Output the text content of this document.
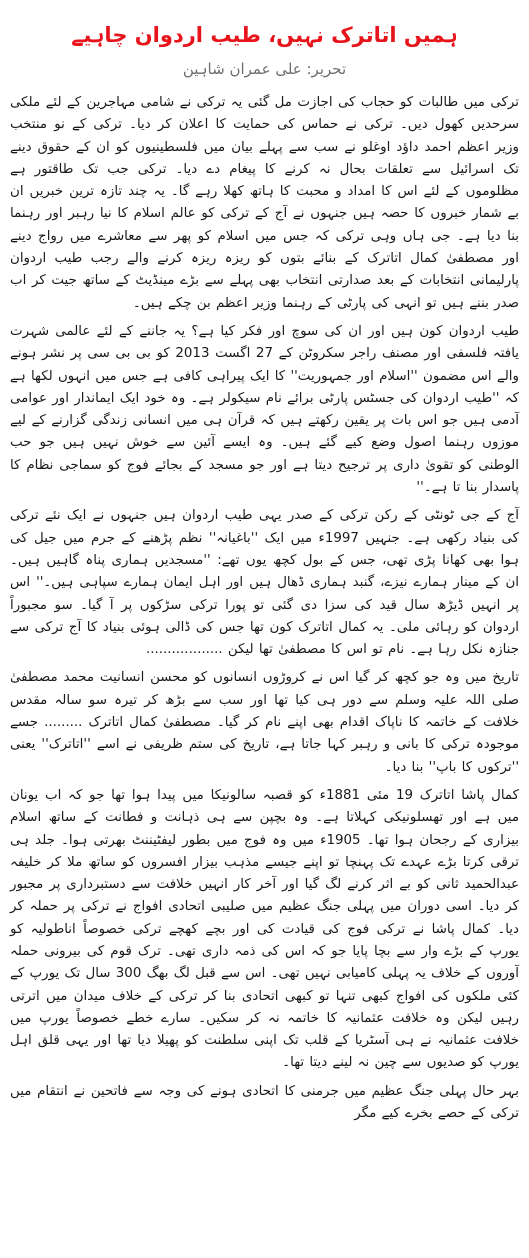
ہمیں اتاترک نہیں، طیب اردوان چاہیے
تحریر: علی عمران شاہین

ترکی میں طالبات کو حجاب کی اجازت مل گئی یہ ترکی نے شامی مہاجرین کے لئے ملکی سرحدیں کھول دیں۔ ترکی نے حماس کی حمایت کا اعلان کر دیا۔ ترکی کے نو منتخب وزیر اعظم احمد داؤد اوغلو نے سب سے پہلے بیان میں فلسطینیوں کو ان کے حقوق دینے تک اسرائیل سے تعلقات بحال نہ کرنے کا پیغام دے دیا۔ ترکی جب تک طاقتور ہے مظلوموں کے لئے اس کا امداد و محبت کا ہاتھ کھلا رہے گا۔ یہ چند تازہ ترین خبریں ان بے شمار خبروں کا حصہ ہیں جنہوں نے آج کے ترکی کو عالم اسلام کا نیا رہبر اور رہنما بنا دیا ہے۔ جی ہاں وہی ترکی کہ جس میں اسلام کو پھر سے معاشرے میں رواج دینے اور مصطفیٰ کمال اتاترک کے بنائے بتوں کو ریزہ ریزہ کرنے والے رجب طیب اردوان پارلیمانی انتخابات کے بعد صدارتی انتخاب بھی پہلے سے بڑے مینڈیٹ کے ساتھ جیت کر اب صدر بننے ہیں تو انہی کی پارٹی کے رہنما وزیر اعظم بن چکے ہیں۔

طیب اردوان کون ہیں اور ان کی سوچ اور فکر کیا ہے؟ یہ جاننے کے لئے عالمی شہرت یافتہ فلسفی اور مصنف راجر سکروٹن کے 27 اگست 2013 کو بی بی سی پر نشر ہونے والے اس مضمون ''اسلام اور جمہوریت'' کا ایک پیراہی کافی ہے جس میں انہوں لکھا ہے کہ ''طیب اردوان کی جسٹس پارٹی برائے نام سیکولر ہے۔ وہ خود ایک ایماندار اور عوامی آدمی ہیں جو اس بات پر یقین رکھتے ہیں کہ قرآن ہی میں انسانی زندگی گزارنے کے لیے موزوں رہنما اصول وضع کیے گئے ہیں۔ وہ ایسے آئین سے خوش نہیں ہیں جو حب الوطنی کو تقویٰ داری پر ترجیح دیتا ہے اور جو مسجد کے بجائے فوج کو سماجی نظام کا پاسدار بنا تا ہے۔''

آج کے جی ٹونٹی کے رکن ترکی کے صدر یہی طیب اردوان ہیں جنہوں نے ایک نئے ترکی کی بنیاد رکھی ہے۔ جنہیں 1997ء میں ایک ''باغیانہ'' نظم پڑھنے کے جرم میں جیل کی ہوا بھی کھانا پڑی تھی، جس کے بول کچھ یوں تھے: ''مسجدیں ہماری پناہ گاہیں ہیں۔ ان کے مینار ہمارے نیزے، گنبد ہماری ڈھال ہیں اور اہل ایمان ہمارے سپاہی ہیں۔'' اس پر انہیں ڈیڑھ سال قید کی سزا دی گئی تو پورا ترکی سڑکوں پر آ گیا۔ سو مجبوراً اردوان کو رہائی ملی۔ یہ کمال اتاترک کون تھا جس کی ڈالی ہوئی بنیاد کا آج ترکی سے جنازہ نکل رہا ہے۔ نام تو اس کا مصطفیٰ تھا لیکن ..................

تاریخ میں وہ جو کچھ کر گیا اس نے کروڑوں انسانوں کو محسن انسانیت محمد مصطفیٰ صلی اللہ علیہ وسلم سے دور ہی کیا تھا اور سب سے بڑھ کر تیرہ سو سالہ مقدس خلافت کے خاتمہ کا ناپاک اقدام بھی اپنے نام کر گیا۔ مصطفیٰ کمال اتاترک ......... جسے موجودہ ترکی کا بانی و رہبر کہا جاتا ہے، تاریخ کی ستم ظریفی نے اسے ''اتاترک'' یعنی ''ترکوں کا باپ'' بنا دیا۔

کمال پاشا اتاترک 19 مئی 1881ء کو قصبہ سالونیکا میں پیدا ہوا تھا جو کہ اب یونان میں ہے اور تھسلونیکی کہلاتا ہے۔ وہ بچپن سے ہی ذہانت و فطانت کے ساتھ اسلام بیزاری کے رجحان ہوا تھا۔ 1905ء میں وہ فوج میں بطور لیفٹیننٹ بھرتی ہوا۔ جلد ہی ترقی کرتا بڑے عہدے تک پہنچا تو اپنے جیسے مذہب بیزار افسروں کو ساتھ ملا کر خلیفہ عبدالحمید ثانی کو بے اثر کرنے لگ گیا اور آخر کار انہیں خلافت سے دستبرداری پر مجبور کر دیا۔ اسی دوران میں پہلی جنگ عظیم میں صلیبی اتحادی افواج نے ترکی پر حملہ کر دیا۔ کمال پاشا نے ترکی فوج کی قیادت کی اور بچے کھچے ترکی خصوصاً اناطولیہ کو یورپ کے بڑے وار سے بچا پایا جو کہ اس کی ذمہ داری تھی۔ ترک قوم کی بیرونی حملہ آوروں کے خلاف یہ پہلی کامیابی نہیں تھی۔ اس سے قبل لگ بھگ 300 سال تک یورپ کے کئی ملکوں کی افواج کبھی تنہا تو کبھی اتحادی بنا کر ترکی کے خلاف میدان میں اترتی رہیں لیکن وہ خلافت عثمانیہ کا خاتمہ نہ کر سکیں۔ سارے خطے خصوصاً یورپ میں خلافت عثمانیہ نے ہی آسٹریا کے قلب تک اپنی سلطنت کو پھیلا دیا تھا اور یہی قلق اہل یورپ کو صدیوں سے چین نہ لینے دیتا تھا۔

بہر حال پہلی جنگ عظیم میں جرمنی کا اتحادی ہونے کی وجہ سے فاتحین نے انتقام میں ترکی کے حصے بخرے کیے مگر
